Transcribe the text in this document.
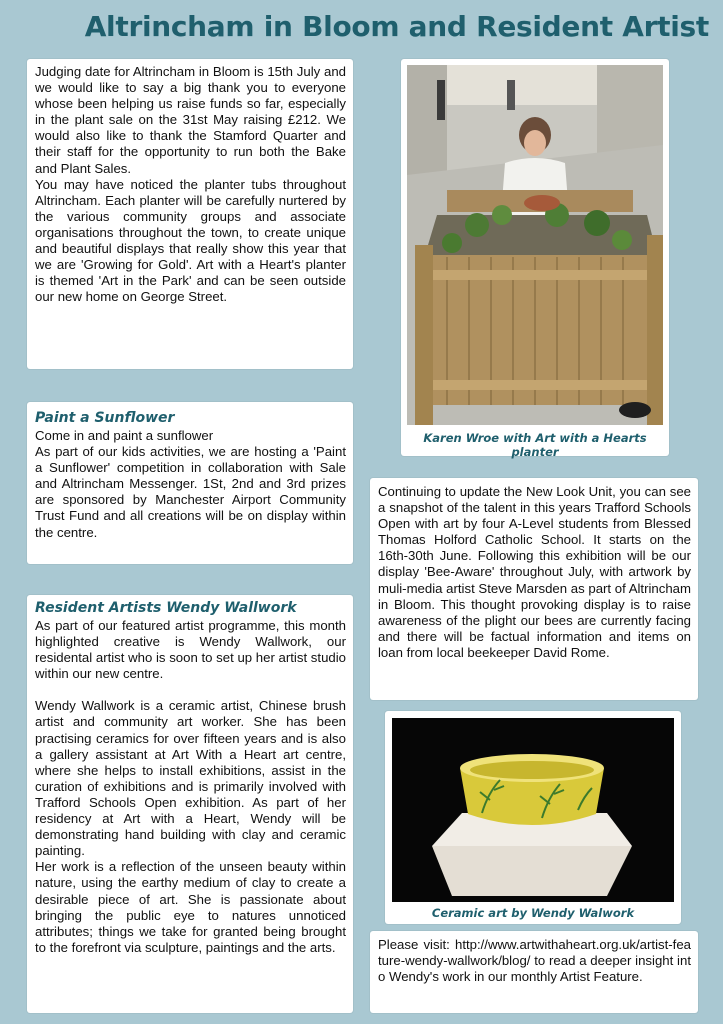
Altrincham in Bloom and Resident Artist

Judging date for Altrincham in Bloom is 15th July and we would like to say a big thank you to everyone whose been helping us raise funds so far, especially in the plant sale on the 31st May raising £212. We would also like to thank the Stamford Quarter and their staff for the opportunity to run both the Bake and Plant Sales.

You may have noticed the planter tubs throughout Altrincham. Each planter will be carefully nurtered by the various community groups and associate organisations throughout the town, to create unique and beautiful displays that really show this year that we are 'Growing for Gold'. Art with a Heart's planter is themed 'Art in the Park' and can be seen outside our new home on George Street.

Karen Wroe with Art with a Hearts planter
Paint a Sunflower

Come in and paint a sunflower

As part of our kids activities, we are hosting a 'Paint a Sunflower' competition in collaboration with Sale and Altrincham Messenger. 1St, 2nd and 3rd prizes are sponsored by Manchester Airport Community Trust Fund and all creations will be on display within the centre.

Continuing to update the New Look Unit, you can see a snapshot of the talent in this years Trafford Schools Open with art by four A-Level students from Blessed Thomas Holford Catholic School. It starts on the 16th-30th June. Following this exhibition will be our display 'Bee-Aware' throughout July, with artwork by muli-media artist Steve Marsden as part of Altrincham in Bloom. This thought provoking display is to raise awareness of the plight our bees are currently facing and there will be factual information and items on loan from local beekeeper David Rome.

Resident Artists Wendy Wallwork

As part of our featured artist programme, this month highlighted creative is Wendy Wallwork, our residental artist who is soon to set up her artist studio within our new centre.

Wendy Wallwork is a ceramic artist, Chinese brush artist and community art worker. She has been practising ceramics for over fifteen years and is also a gallery assistant at Art With a Heart art centre, where she helps to install exhibitions, assist in the curation of exhibitions and is primarily involved with Trafford Schools Open exhibition. As part of her residency at Art with a Heart, Wendy will be demonstrating hand building with clay and ceramic painting.

Her work is a reflection of the unseen beauty within nature, using the earthy medium of clay to create a desirable piece of art. She is passionate about bringing the public eye to natures unnoticed attributes; things we take for granted being brought to the forefront via sculpture, paintings and the arts.

Ceramic art by Wendy Walwork

Please visit: http://www.artwithaheart.org.uk/artist-feature-wendy-wallwork/blog/ to read a deeper insight into Wendy's work in our monthly Artist Feature.
